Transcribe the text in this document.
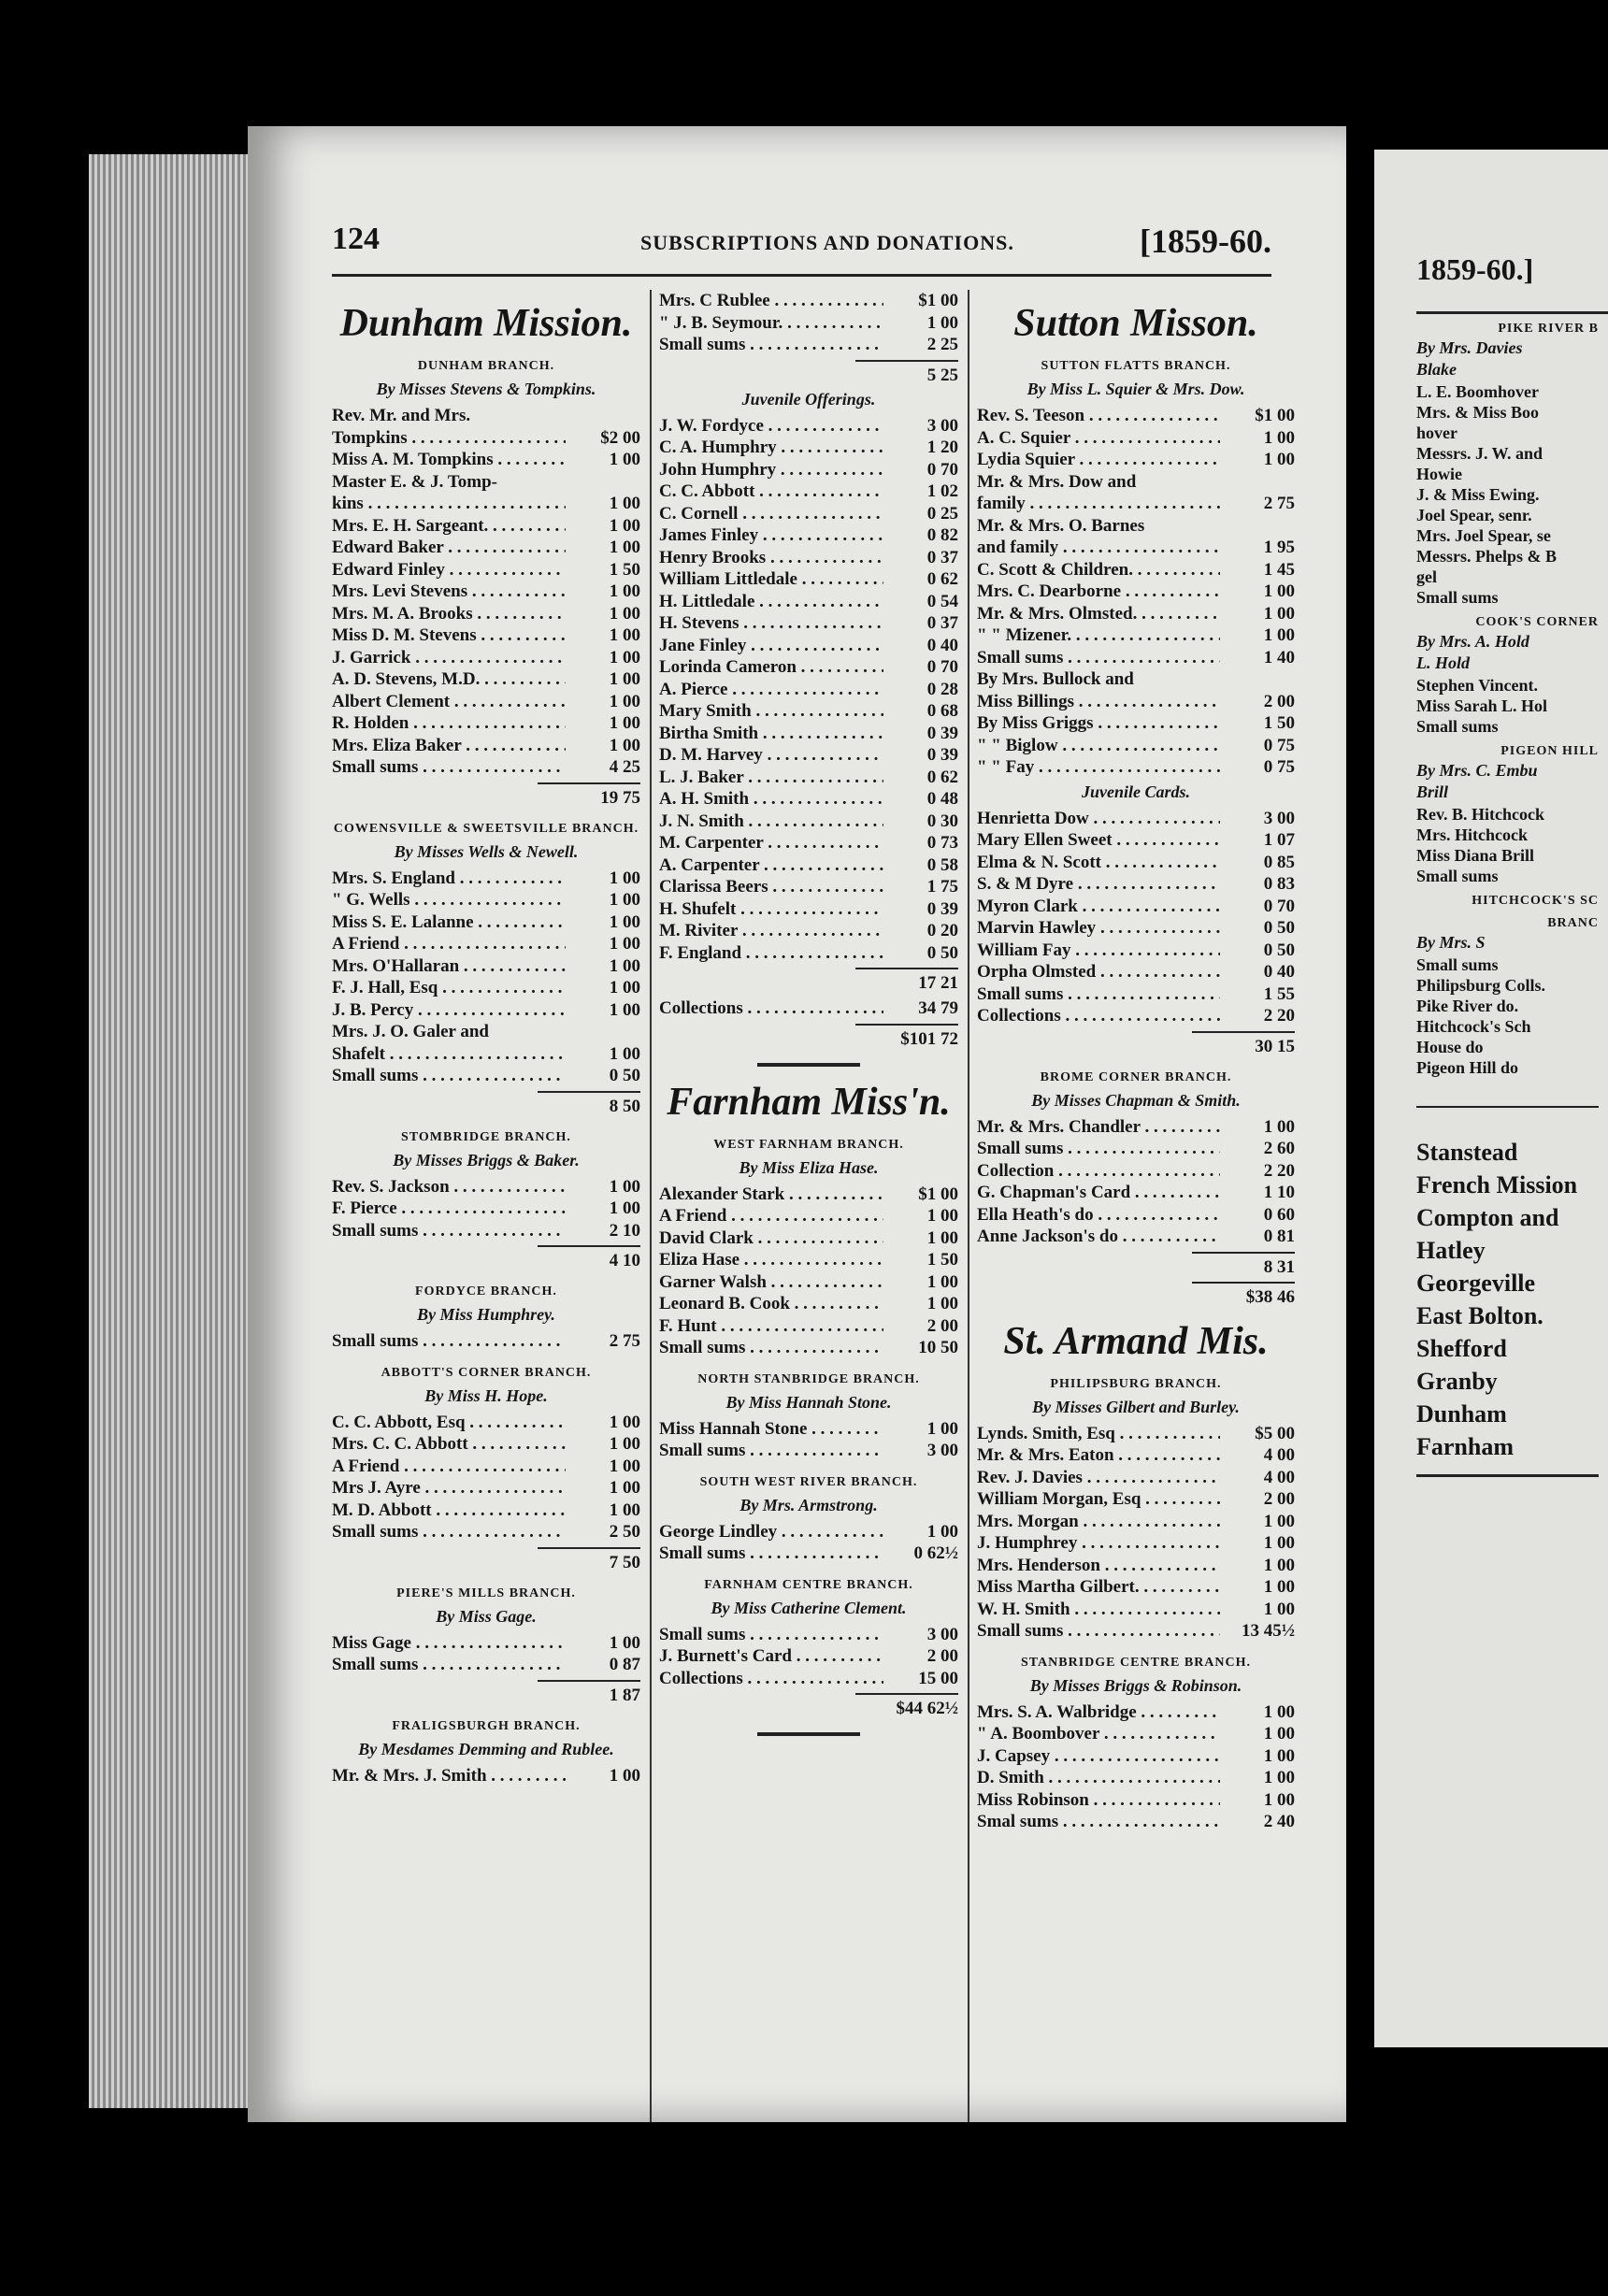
1859-60.]
PIKE RIVER B
By Mrs. Davies
Blake
L. E. Boomhover
Mrs. & Miss Boo
hover
Messrs. J. W. and
Howie
J. & Miss Ewing.
Joel Spear, senr.
Mrs. Joel Spear, se
Messrs. Phelps & B
gel
Small sums
COOK'S CORNER
By Mrs. A. Hold
L. Hold
Stephen Vincent.
Miss Sarah L. Hol
Small sums
PIGEON HILL
By Mrs. C. Embu
Brill
Rev. B. Hitchcock
Mrs. Hitchcock
Miss Diana Brill
Small sums
HITCHCOCK'S SC
BRANC
By Mrs. S
Small sums
Philipsburg Colls.
Pike River do.
Hitchcock's Sch
House do
Pigeon Hill do
Stanstead
French Mission
Compton and
Hatley
Georgeville
East Bolton.
Shefford
Granby
Dunham
Farnham
124	SUBSCRIPTIONS AND DONATIONS.	[1859-60.
Dunham Mission.
DUNHAM BRANCH.
By Misses Stevens & Tompkins.
Rev. Mr. and Mrs.
Tompkins . . .	$2 00
Miss A. M. Tompkins . . .	1 00
Master E. & J. Tomp-
kins . . .	1 00
Mrs. E. H. Sargeant. . . .	1 00
Edward Baker . . .	1 00
Edward Finley . . .	1 50
Mrs. Levi Stevens . . .	1 00
Mrs. M. A. Brooks . . .	1 00
Miss D. M. Stevens . . .	1 00
J. Garrick . . .	1 00
A. D. Stevens, M.D. . . .	1 00
Albert Clement . . .	1 00
R. Holden . . .	1 00
Mrs. Eliza Baker . . .	1 00
Small sums . . .	4 25
19 75
COWENSVILLE & SWEETSVILLE BRANCH.
By Misses Wells & Newell.
Mrs. S. England . . .	1 00
" G. Wells . . .	1 00
Miss S. E. Lalanne . . .	1 00
A Friend . . .	1 00
Mrs. O'Hallaran . . .	1 00
F. J. Hall, Esq . . .	1 00
J. B. Percy . . .	1 00
Mrs. J. O. Galer and
Shafelt . . .	1 00
Small sums . . .	0 50
8 50
STOMBRIDGE BRANCH.
By Misses Briggs & Baker.
Rev. S. Jackson . . .	1 00
F. Pierce . . .	1 00
Small sums . . .	2 10
4 10
FORDYCE BRANCH.
By Miss Humphrey.
Small sums . . .	2 75
ABBOTT'S CORNER BRANCH.
By Miss H. Hope.
C. C. Abbott, Esq . . .	1 00
Mrs. C. C. Abbott . . .	1 00
A Friend . . .	1 00
Mrs J. Ayre . . .	1 00
M. D. Abbott . . .	1 00
Small sums . . .	2 50
7 50
PIERE'S MILLS BRANCH.
By Miss Gage.
Miss Gage . . .	1 00
Small sums . . .	0 87
1 87
FRALIGSBURGH BRANCH.
By Mesdames Demming and Rublee.
Mr. & Mrs. J. Smith . . .	1 00
Mrs. C Rublee . . .	$1 00
" J. B. Seymour. . . .	1 00
Small sums . . .	2 25
5 25
Juvenile Offerings.
J. W. Fordyce . . .	3 00
C. A. Humphry . . .	1 20
John Humphry . . .	0 70
C. C. Abbott . . .	1 02
C. Cornell . . .	0 25
James Finley . . .	0 82
Henry Brooks . . .	0 37
William Littledale . . .	0 62
H. Littledale . . .	0 54
H. Stevens . . .	0 37
Jane Finley . . .	0 40
Lorinda Cameron . . .	0 70
A. Pierce . . .	0 28
Mary Smith . . .	0 68
Birtha Smith . . .	0 39
D. M. Harvey . . .	0 39
L. J. Baker . . .	0 62
A. H. Smith . . .	0 48
J. N. Smith . . .	0 30
M. Carpenter . . .	0 73
A. Carpenter . . .	0 58
Clarissa Beers . . .	1 75
H. Shufelt . . .	0 39
M. Riviter . . .	0 20
F. England . . .	0 50
17 21
Collections . . .	34 79
$101 72
Farnham Miss'n.
WEST FARNHAM BRANCH.
By Miss Eliza Hase.
Alexander Stark . . .	$1 00
A Friend . . .	1 00
David Clark . . .	1 00
Eliza Hase . . .	1 50
Garner Walsh . . .	1 00
Leonard B. Cook . . .	1 00
F. Hunt . . .	2 00
Small sums . . .	10 50
NORTH STANBRIDGE BRANCH.
By Miss Hannah Stone.
Miss Hannah Stone . . .	1 00
Small sums . . .	3 00
SOUTH WEST RIVER BRANCH.
By Mrs. Armstrong.
George Lindley . . .	1 00
Small sums . . .	0 62½
FARNHAM CENTRE BRANCH.
By Miss Catherine Clement.
Small sums . . .	3 00
J. Burnett's Card . . .	2 00
Collections . . .	15 00
$44 62½
Sutton Misson.
SUTTON FLATTS BRANCH.
By Miss L. Squier & Mrs. Dow.
Rev. S. Teeson . . .	$1 00
A. C. Squier . . .	1 00
Lydia Squier . . .	1 00
Mr. & Mrs. Dow and
family . . .	2 75
Mr. & Mrs. O. Barnes
and family . . .	1 95
C. Scott & Children. . . .	1 45
Mrs. C. Dearborne . . .	1 00
Mr. & Mrs. Olmsted. . . .	1 00
" " Mizener. . . .	1 00
Small sums . . .	1 40
By Mrs. Bullock and
Miss Billings . . .	2 00
By Miss Griggs . . .	1 50
" " Biglow . . .	0 75
" " Fay . . .	0 75
Juvenile Cards.
Henrietta Dow . . .	3 00
Mary Ellen Sweet . . .	1 07
Elma & N. Scott . . .	0 85
S. & M Dyre . . .	0 83
Myron Clark . . .	0 70
Marvin Hawley . . .	0 50
William Fay . . .	0 50
Orpha Olmsted . . .	0 40
Small sums . . .	1 55
Collections . . .	2 20
30 15
BROME CORNER BRANCH.
By Misses Chapman & Smith.
Mr. & Mrs. Chandler . . .	1 00
Small sums . . .	2 60
Collection . . .	2 20
G. Chapman's Card . . .	1 10
Ella Heath's do . . .	0 60
Anne Jackson's do . . .	0 81
8 31
$38 46
St. Armand Mis.
PHILIPSBURG BRANCH.
By Misses Gilbert and Burley.
Lynds. Smith, Esq . . .	$5 00
Mr. & Mrs. Eaton . . .	4 00
Rev. J. Davies . . .	4 00
William Morgan, Esq . . .	2 00
Mrs. Morgan . . .	1 00
J. Humphrey . . .	1 00
Mrs. Henderson . . .	1 00
Miss Martha Gilbert. . . .	1 00
W. H. Smith . . .	1 00
Small sums . . .	13 45½
STANBRIDGE CENTRE BRANCH.
By Misses Briggs & Robinson.
Mrs. S. A. Walbridge . . .	1 00
" A. Boombover . . .	1 00
J. Capsey . . .	1 00
D. Smith . . .	1 00
Miss Robinson . . .	1 00
Smal sums . . .	2 40
